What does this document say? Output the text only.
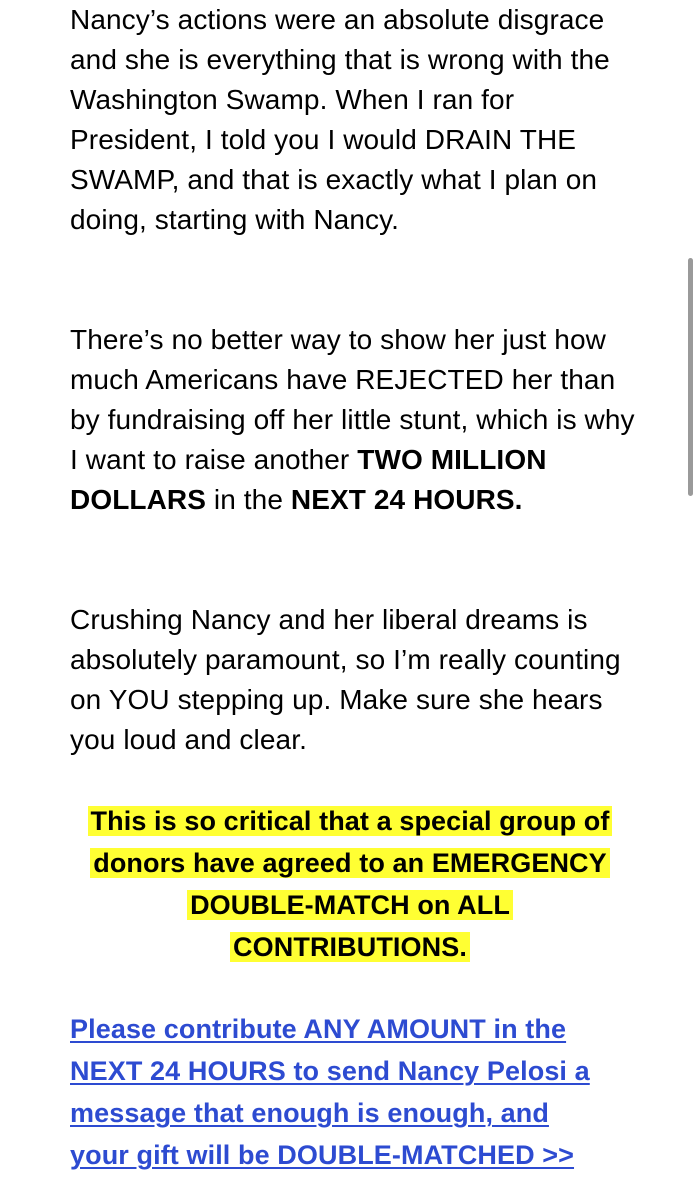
Nancy’s actions were an absolute disgrace and she is everything that is wrong with the Washington Swamp. When I ran for President, I told you I would DRAIN THE SWAMP, and that is exactly what I plan on doing, starting with Nancy.

There’s no better way to show her just how much Americans have REJECTED her than by fundraising off her little stunt, which is why I want to raise another TWO MILLION DOLLARS in the NEXT 24 HOURS.

Crushing Nancy and her liberal dreams is absolutely paramount, so I’m really counting on YOU stepping up. Make sure she hears you loud and clear.

This is so critical that a special group of donors have agreed to an EMERGENCY DOUBLE-MATCH on ALL CONTRIBUTIONS.

Please contribute ANY AMOUNT in the NEXT 24 HOURS to send Nancy Pelosi a message that enough is enough, and your gift will be DOUBLE-MATCHED >>
